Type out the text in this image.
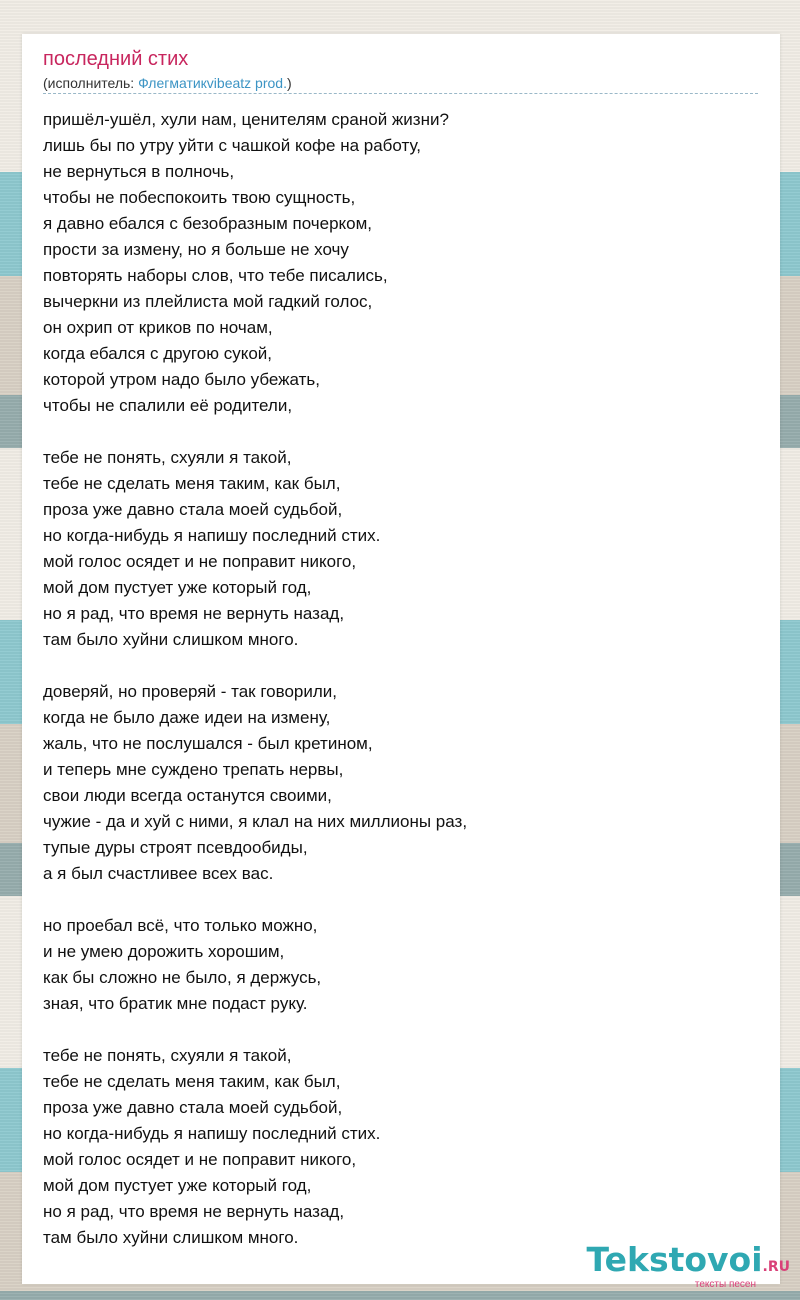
последний стих
(исполнитель: Флегматикvibeatz prod.)
пришёл-ушёл, хули нам, ценителям сраной жизни?
лишь бы по утру уйти с чашкой кофе на работу,
не вернуться в полночь,
чтобы не побеспокоить твою сущность,
я давно ебался с безобразным почерком,
прости за измену, но я больше не хочу
повторять наборы слов, что тебе писались,
вычеркни из плейлиста мой гадкий голос,
он охрип от криков по ночам,
когда ебался с другою сукой,
которой утром надо было убежать,
чтобы не спалили её родители,
тебе не понять, схуяли я такой,
тебе не сделать меня таким, как был,
проза уже давно стала моей судьбой,
но когда-нибудь я напишу последний стих.
мой голос осядет и не поправит никого,
мой дом пустует уже который год,
но я рад, что время не вернуть назад,
там было хуйни слишком много.
доверяй, но проверяй - так говорили,
когда не было даже идеи на измену,
жаль, что не послушался - был кретином,
и теперь мне суждено трепать нервы,
свои люди всегда останутся своими,
чужие - да и хуй с ними, я клал на них миллионы раз,
тупые дуры строят псевдообиды,
а я был счастливее всех вас.
но проебал всё, что только можно,
и не умею дорожить хорошим,
как бы сложно не было, я держусь,
зная, что братик мне подаст руку.
тебе не понять, схуяли я такой,
тебе не сделать меня таким, как был,
проза уже давно стала моей судьбой,
но когда-нибудь я напишу последний стих.
мой голос осядет и не поправит никого,
мой дом пустует уже который год,
но я рад, что время не вернуть назад,
там было хуйни слишком много.
Tekstovoi.RU
тексты песен
